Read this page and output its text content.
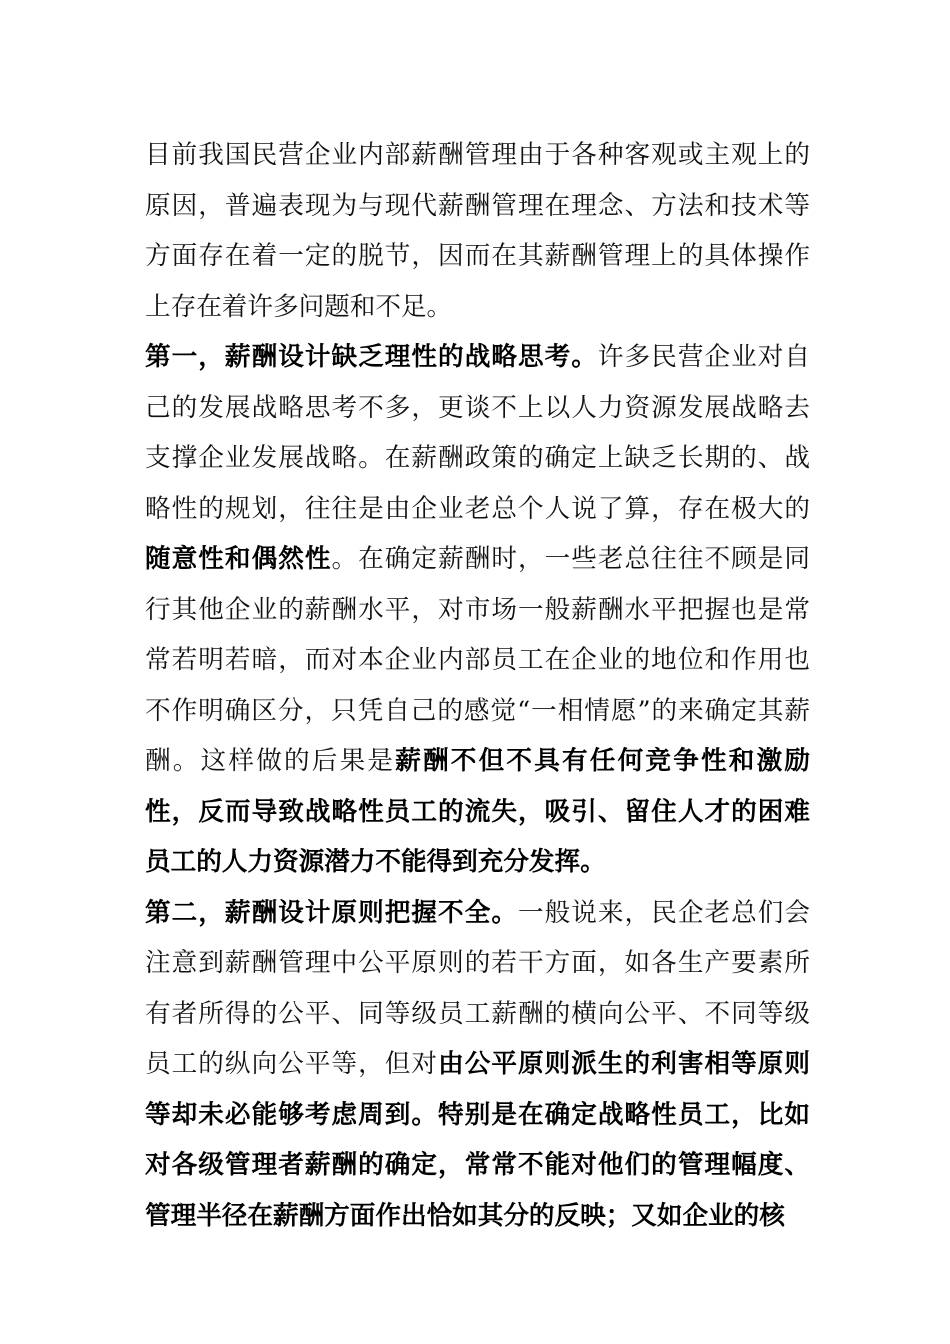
目前我国民营企业内部薪酬管理由于各种客观或主观上的原因，普遍表现为与现代薪酬管理在理念、方法和技术等方面存在着一定的脱节，因而在其薪酬管理上的具体操作上存在着许多问题和不足。

第一，薪酬设计缺乏理性的战略思考。许多民营企业对自己的发展战略思考不多，更谈不上以人力资源发展战略去支撑企业发展战略。在薪酬政策的确定上缺乏长期的、战略性的规划，往往是由企业老总个人说了算，存在极大的随意性和偶然性。在确定薪酬时，一些老总往往不顾是同行其他企业的薪酬水平，对市场一般薪酬水平把握也是常常若明若暗，而对本企业内部员工在企业的地位和作用也不作明确区分，只凭自己的感觉“一相情愿”的来确定其薪酬。这样做的后果是薪酬不但不具有任何竞争性和激励性，反而导致战略性员工的流失，吸引、留住人才的困难员工的人力资源潜力不能得到充分发挥。

第二，薪酬设计原则把握不全。一般说来，民企老总们会注意到薪酬管理中公平原则的若干方面，如各生产要素所有者所得的公平、同等级员工薪酬的横向公平、不同等级员工的纵向公平等，但对由公平原则派生的利害相等原则等却未必能够考虑周到。特别是在确定战略性员工，比如对各级管理者薪酬的确定，常常不能对他们的管理幅度、管理半径在薪酬方面作出恰如其分的反映；又如企业的核
